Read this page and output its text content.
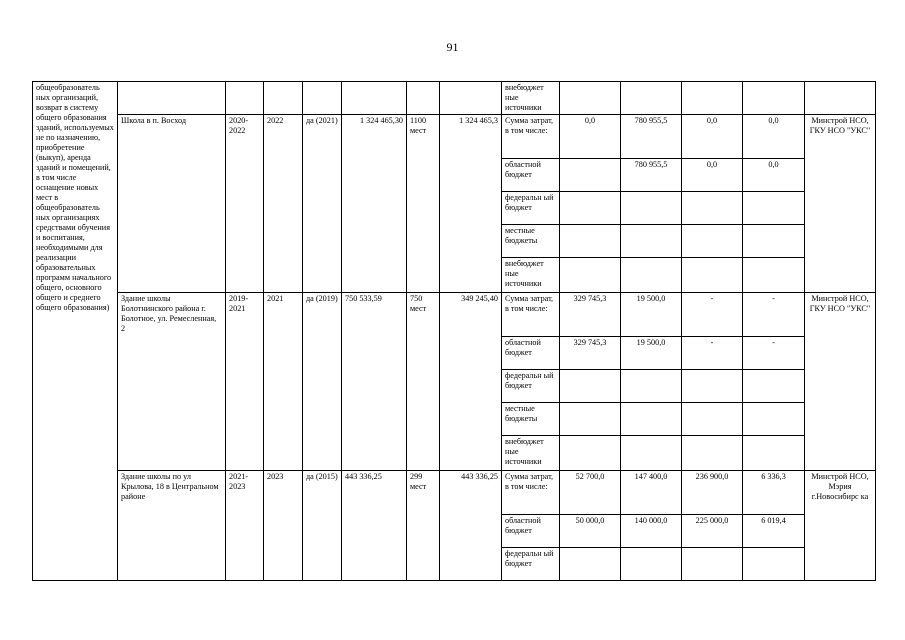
91
общеобразователь ных организаций, возврат в систему общего образования зданий, используемых не по назначению, приобретение (выкуп), аренда зданий и помещений, в том числе оснащение новых мест в общеобразователь ных организациях средствами обучения и воспитания, необходимыми для реализации образовательных программ начального общего, основного общего и среднего общего образования)								внебюджет ные источники					
	Школа в п. Восход	2020-2022	2022	да (2021)	1 324 465,30	1100 мест	1 324 465,3	Сумма затрат, в том числе:	0,0	780 955,5	0,0	0,0	Минстрой НСО, ГКУ НСО "УКС"
								областной бюджет		780 955,5	0,0	0,0	
								федеральн ый бюджет					
								местные бюджеты					
								внебюджет ные источники					
	Здание школы Болотнинского района г. Болотное, ул. Ремесленная, 2	2019-2021	2021	да (2019)	750 533,59	750 мест	349 245,40	Сумма затрат, в том числе:	329 745,3	19 500,0	-	-	Минстрой НСО, ГКУ НСО "УКС"
								областной бюджет	329 745,3	19 500,0	-	-	
								федеральн ый бюджет					
								местные бюджеты					
								внебюджет ные источники					
	Здание школы по ул Крылова, 18 в Центральном районе	2021-2023	2023	да (2015)	443 336,25	299 мест	443 336,25	Сумма затрат, в том числе:	52 700,0	147 400,0	236 900,0	6 336,3	Минстрой НСО, Мэрия г.Новосибирс ка
								областной бюджет	50 000,0	140 000,0	225 000,0	6 019,4	
								федеральн ый бюджет					
